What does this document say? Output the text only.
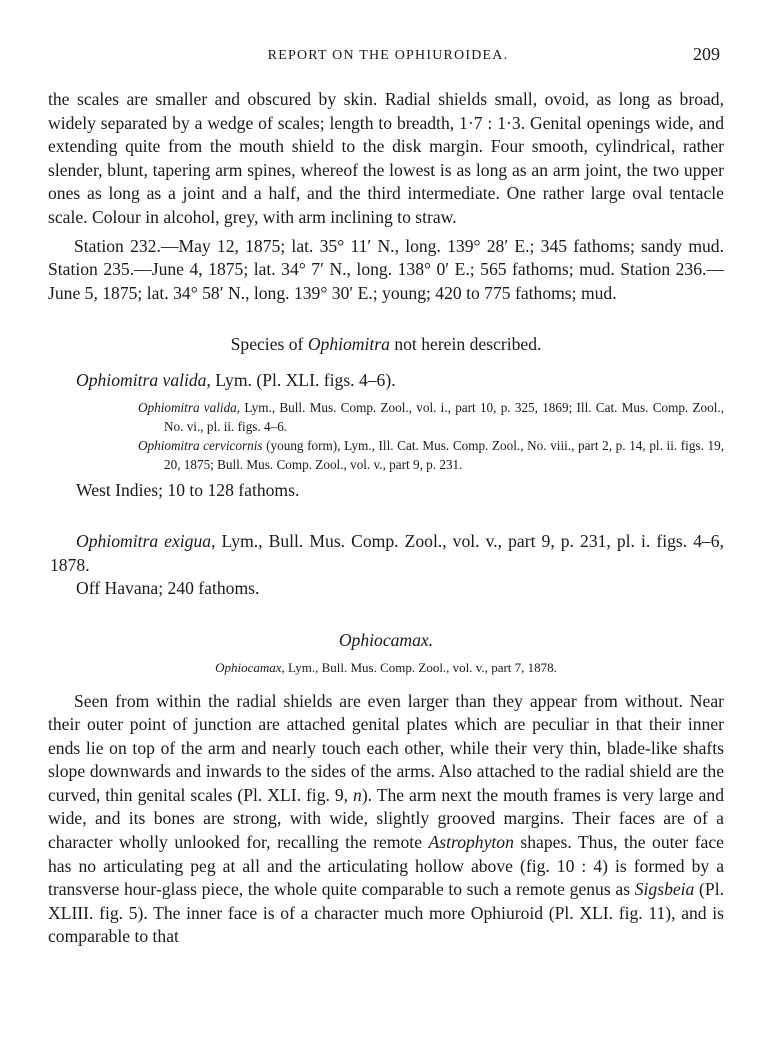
REPORT ON THE OPHIUROIDEA.	209

the scales are smaller and obscured by skin. Radial shields small, ovoid, as long as broad, widely separated by a wedge of scales; length to breadth, 1·7 : 1·3. Genital openings wide, and extending quite from the mouth shield to the disk margin. Four smooth, cylindrical, rather slender, blunt, tapering arm spines, whereof the lowest is as long as an arm joint, the two upper ones as long as a joint and a half, and the third intermediate. One rather large oval tentacle scale. Colour in alcohol, grey, with arm inclining to straw.

Station 232.—May 12, 1875; lat. 35° 11′ N., long. 139° 28′ E.; 345 fathoms; sandy mud. Station 235.—June 4, 1875; lat. 34° 7′ N., long. 138° 0′ E.; 565 fathoms; mud. Station 236.—June 5, 1875; lat. 34° 58′ N., long. 139° 30′ E.; young; 420 to 775 fathoms; mud.

Species of Ophiomitra not herein described.
Ophiomitra valida, Lym. (Pl. XLI. figs. 4–6).
Ophiomitra valida, Lym., Bull. Mus. Comp. Zool., vol. i., part 10, p. 325, 1869; Ill. Cat. Mus. Comp. Zool., No. vi., pl. ii. figs. 4–6.
Ophiomitra cervicornis (young form), Lym., Ill. Cat. Mus. Comp. Zool., No. viii., part 2, p. 14, pl. ii. figs. 19, 20, 1875; Bull. Mus. Comp. Zool., vol. v., part 9, p. 231.
West Indies; 10 to 128 fathoms.

Ophiomitra exigua, Lym., Bull. Mus. Comp. Zool., vol. v., part 9, p. 231, pl. i. figs. 4–6, 1878.

Off Havana; 240 fathoms.
Ophiocamax.
Ophiocamax, Lym., Bull. Mus. Comp. Zool., vol. v., part 7, 1878.

Seen from within the radial shields are even larger than they appear from without. Near their outer point of junction are attached genital plates which are peculiar in that their inner ends lie on top of the arm and nearly touch each other, while their very thin, blade-like shafts slope downwards and inwards to the sides of the arms. Also attached to the radial shield are the curved, thin genital scales (Pl. XLI. fig. 9, n). The arm next the mouth frames is very large and wide, and its bones are strong, with wide, slightly grooved margins. Their faces are of a character wholly unlooked for, recalling the remote Astrophyton shapes. Thus, the outer face has no articulating peg at all and the articulating hollow above (fig. 10 : 4) is formed by a transverse hour-glass piece, the whole quite comparable to such a remote genus as Sigsbeia (Pl. XLIII. fig. 5). The inner face is of a character much more Ophiuroid (Pl. XLI. fig. 11), and is comparable to that
